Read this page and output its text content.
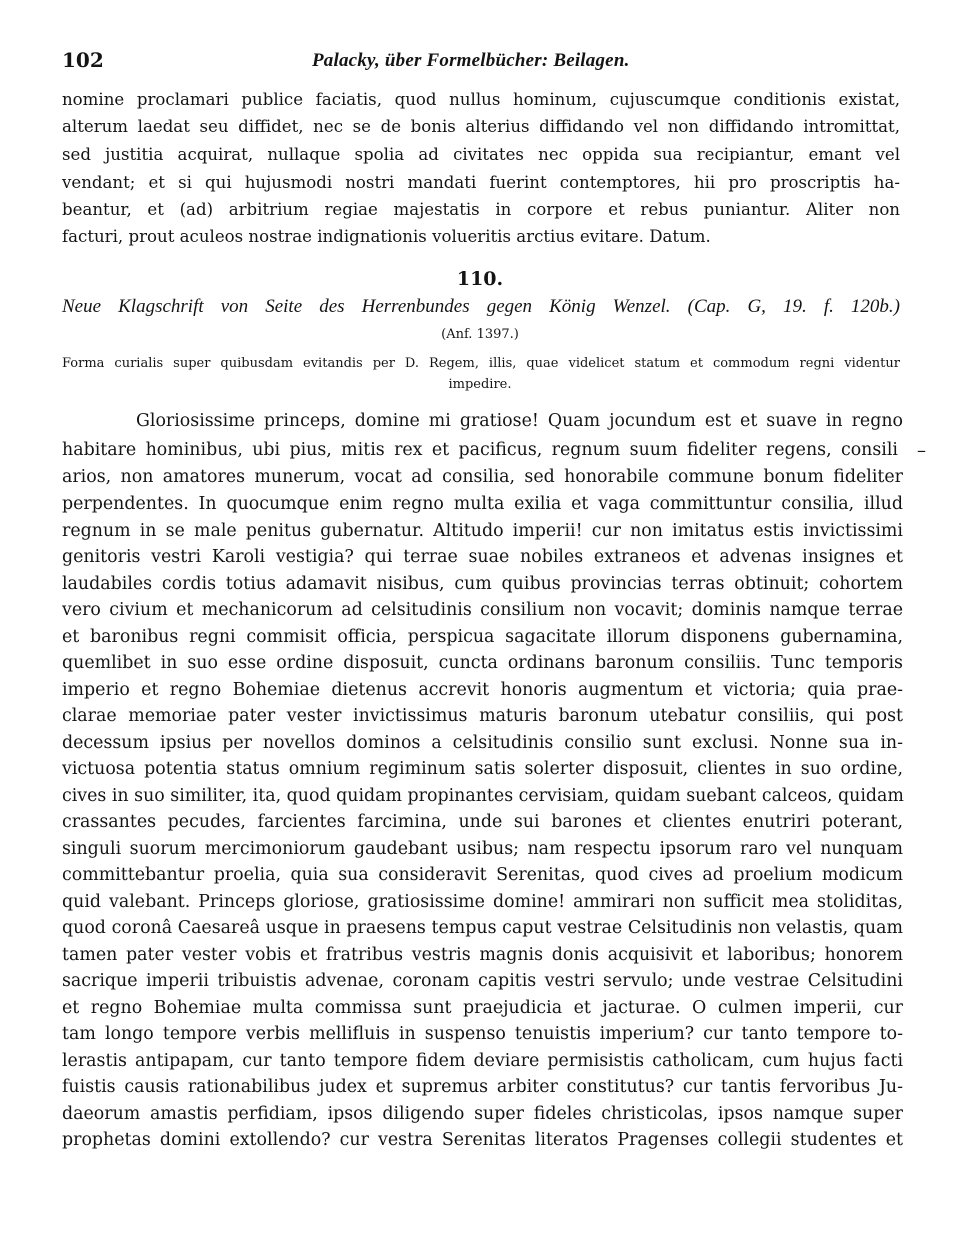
102	Palacky, über Formelbücher: Beilagen.
nomine proclamari publice faciatis, quod nullus hominum, cujuscumque conditionis existat,
alterum laedat seu diffidet, nec se de bonis alterius diffidando vel non diffidando intromittat,
sed justitia acquirat, nullaque spolia ad civitates nec oppida sua recipiantur, emant vel
vendant; et si qui hujusmodi nostri mandati fuerint contemptores, hii pro proscriptis ha-
beantur, et (ad) arbitrium regiae majestatis in corpore et rebus puniantur. Aliter non
facturi, prout aculeos nostrae indignationis volueritis arctius evitare. Datum.
110.
Neue Klagschrift von Seite des Herrenbundes gegen König Wenzel. (Cap. G, 19. f. 120b.)
(Anf. 1397.)
Forma curialis super quibusdam evitandis per D. Regem, illis, quae videlicet statum et commodum regni videntur
impedire.
Gloriosissime princeps, domine mi gratiose! Quam jocundum est et suave in regno
habitare hominibus, ubi pius, mitis rex et pacificus, regnum suum fideliter regens, consili
arios, non amatores munerum, vocat ad consilia, sed honorabile commune bonum fideliter
perpendentes. In quocumque enim regno multa exilia et vaga committuntur consilia, illud
regnum in se male penitus gubernatur. Altitudo imperii! cur non imitatus estis invictissimi
genitoris vestri Karoli vestigia? qui terrae suae nobiles extraneos et advenas insignes et
laudabiles cordis totius adamavit nisibus, cum quibus provincias terras obtinuit; cohortem
vero civium et mechanicorum ad celsitudinis consilium non vocavit; dominis namque terrae
et baronibus regni commisit officia, perspicua sagacitate illorum disponens gubernamina,
quemlibet in suo esse ordine disposuit, cuncta ordinans baronum consiliis. Tunc temporis
imperio et regno Bohemiae dietenus accrevit honoris augmentum et victoria; quia prae-
clarae memoriae pater vester invictissimus maturis baronum utebatur consiliis, qui post
decessum ipsius per novellos dominos a celsitudinis consilio sunt exclusi. Nonne sua in-
victuosa potentia status omnium regiminum satis solerter disposuit, clientes in suo ordine,
cives in suo similiter, ita, quod quidam propinantes cervisiam, quidam suebant calceos, quidam
crassantes pecudes, farcientes farcimina, unde sui barones et clientes enutriri poterant,
singuli suorum mercimoniorum gaudebant usibus; nam respectu ipsorum raro vel nunquam
committebantur proelia, quia sua consideravit Serenitas, quod cives ad proelium modicum
quid valebant. Princeps gloriose, gratiosissime domine! ammirari non sufficit mea stoliditas,
quod coronâ Caesareâ usque in praesens tempus caput vestrae Celsitudinis non velastis, quam
tamen pater vester vobis et fratribus vestris magnis donis acquisivit et laboribus; honorem
sacrique imperii tribuistis advenae, coronam capitis vestri servulo; unde vestrae Celsitudini
et regno Bohemiae multa commissa sunt praejudicia et jacturae. O culmen imperii, cur
tam longo tempore verbis mellifluis in suspenso tenuistis imperium? cur tanto tempore to-
lerastis antipapam, cur tanto tempore fidem deviare permisistis catholicam, cum hujus facti
fuistis causis rationabilibus judex et supremus arbiter constitutus? cur tantis fervoribus Ju-
daeorum amastis perfidiam, ipsos diligendo super fideles christicolas, ipsos namque super
prophetas domini extollendo? cur vestra Serenitas literatos Pragenses collegii studentes et
–
